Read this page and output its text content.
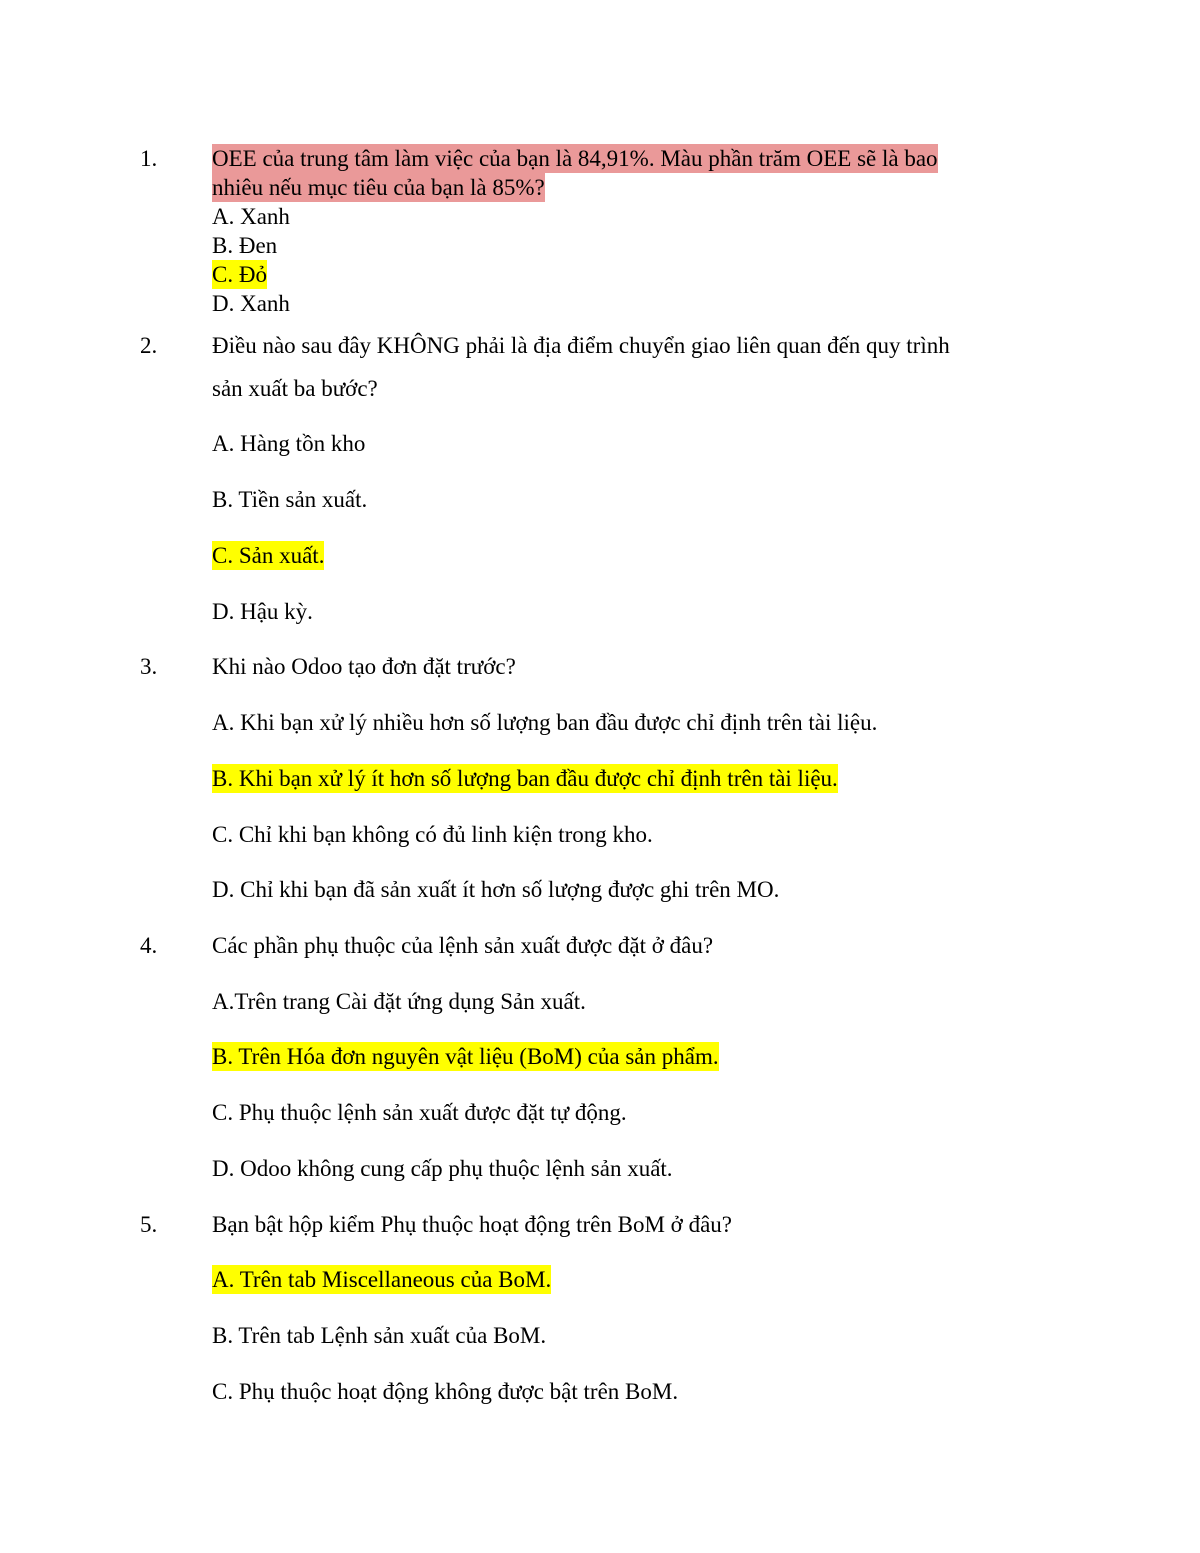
1. OEE của trung tâm làm việc của bạn là 84,91%. Màu phần trăm OEE sẽ là bao
nhiêu nếu mục tiêu của bạn là 85%?
A. Xanh
B. Đen
C. Đỏ
D. Xanh
2. Điều nào sau đây KHÔNG phải là địa điểm chuyển giao liên quan đến quy trình
sản xuất ba bước?
A. Hàng tồn kho
B. Tiền sản xuất.
C. Sản xuất.
D. Hậu kỳ.
3. Khi nào Odoo tạo đơn đặt trước?
A. Khi bạn xử lý nhiều hơn số lượng ban đầu được chỉ định trên tài liệu.
B. Khi bạn xử lý ít hơn số lượng ban đầu được chỉ định trên tài liệu.
C. Chỉ khi bạn không có đủ linh kiện trong kho.
D. Chỉ khi bạn đã sản xuất ít hơn số lượng được ghi trên MO.
4. Các phần phụ thuộc của lệnh sản xuất được đặt ở đâu?
A.Trên trang Cài đặt ứng dụng Sản xuất.
B. Trên Hóa đơn nguyên vật liệu (BoM) của sản phẩm.
C. Phụ thuộc lệnh sản xuất được đặt tự động.
D. Odoo không cung cấp phụ thuộc lệnh sản xuất.
5. Bạn bật hộp kiểm Phụ thuộc hoạt động trên BoM ở đâu?
A. Trên tab Miscellaneous của BoM.
B. Trên tab Lệnh sản xuất của BoM.
C. Phụ thuộc hoạt động không được bật trên BoM.
